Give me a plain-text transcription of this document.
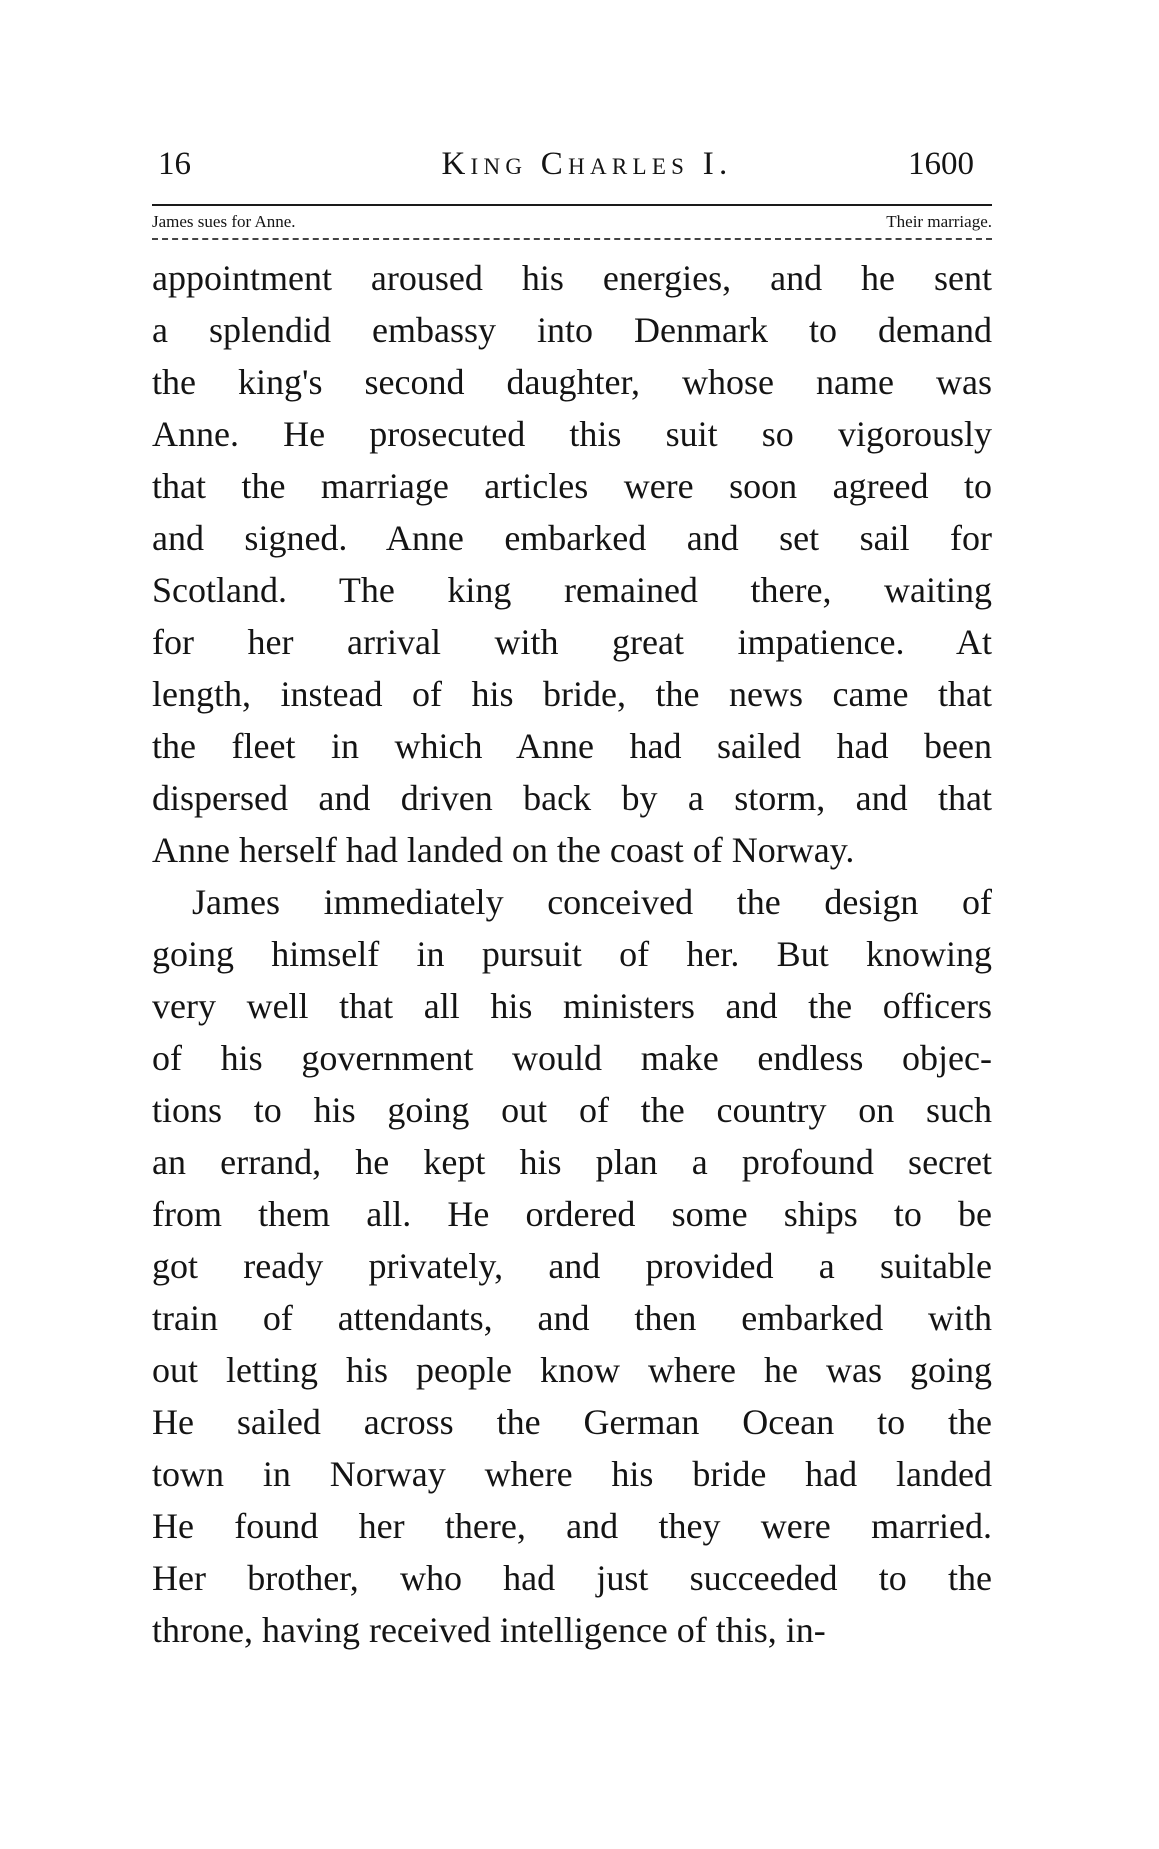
16	King Charles I.	1600
James sues for Anne.	Their marriage.
appointment aroused his energies, and he sent
a splendid embassy into Denmark to demand
the king's second daughter, whose name was
Anne. He prosecuted this suit so vigorously
that the marriage articles were soon agreed to
and signed. Anne embarked and set sail for
Scotland. The king remained there, waiting
for her arrival with great impatience. At
length, instead of his bride, the news came that
the fleet in which Anne had sailed had been
dispersed and driven back by a storm, and that
Anne herself had landed on the coast of Norway.
James immediately conceived the design of
going himself in pursuit of her. But knowing
very well that all his ministers and the officers
of his government would make endless objec-
tions to his going out of the country on such
an errand, he kept his plan a profound secret
from them all. He ordered some ships to be
got ready privately, and provided a suitable
train of attendants, and then embarked with
out letting his people know where he was going
He sailed across the German Ocean to the
town in Norway where his bride had landed
He found her there, and they were married.
Her brother, who had just succeeded to the
throne, having received intelligence of this, in-
